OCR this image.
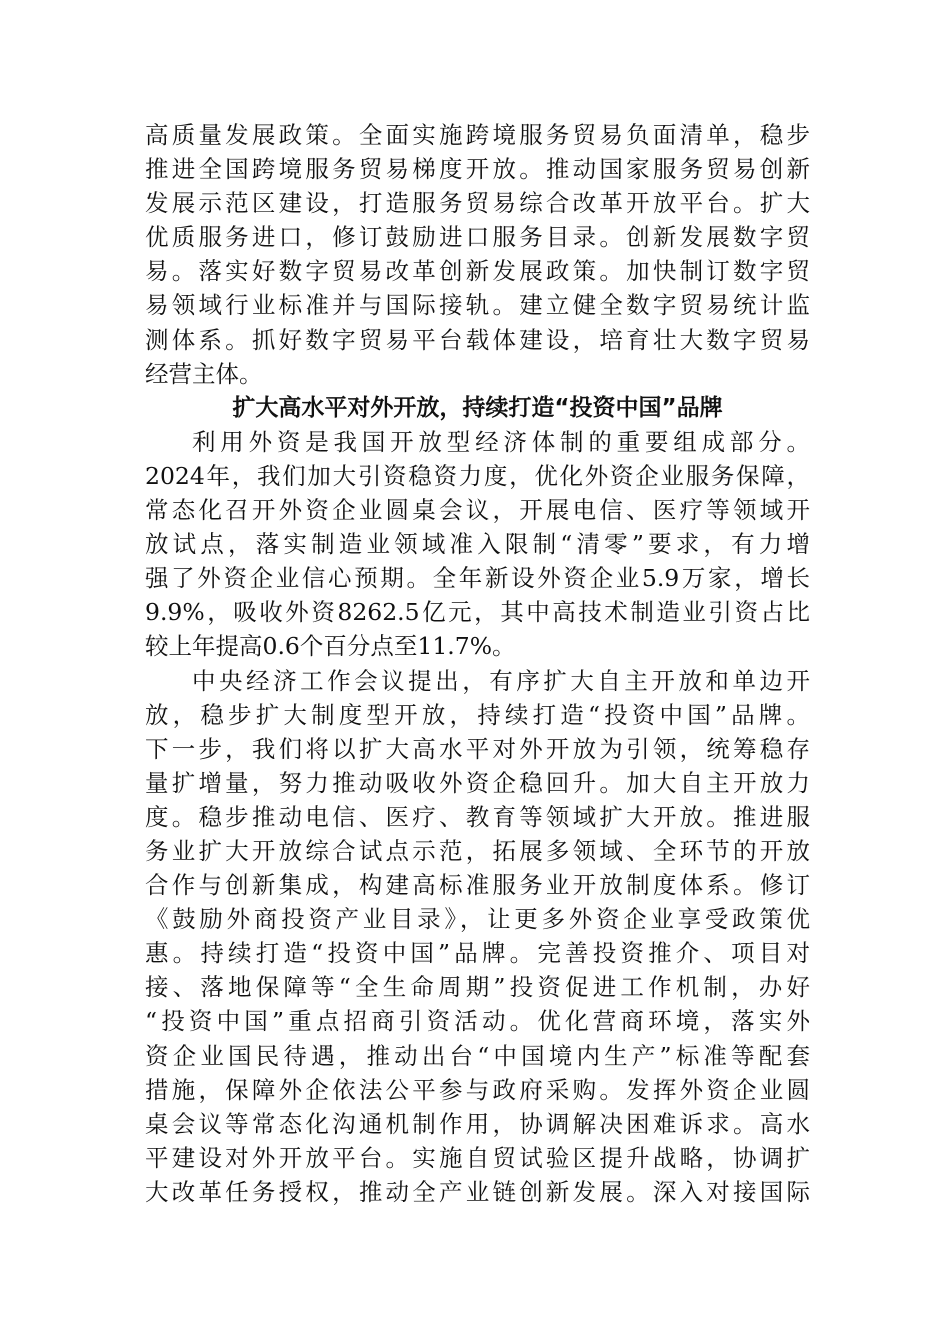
高质量发展政策。全面实施跨境服务贸易负面清单，稳步
推进全国跨境服务贸易梯度开放。推动国家服务贸易创新
发展示范区建设，打造服务贸易综合改革开放平台。扩大
优质服务进口，修订鼓励进口服务目录。创新发展数字贸
易。落实好数字贸易改革创新发展政策。加快制订数字贸
易领域行业标准并与国际接轨。建立健全数字贸易统计监
测体系。抓好数字贸易平台载体建设，培育壮大数字贸易
经营主体。
扩大高水平对外开放，持续打造“投资中国”品牌
利用外资是我国开放型经济体制的重要组成部分。
2024年，我们加大引资稳资力度，优化外资企业服务保障，
常态化召开外资企业圆桌会议，开展电信、医疗等领域开
放试点，落实制造业领域准入限制“清零”要求，有力增
强了外资企业信心预期。全年新设外资企业5.9万家，增长
9.9%，吸收外资8262.5亿元，其中高技术制造业引资占比
较上年提高0.6个百分点至11.7%。
中央经济工作会议提出，有序扩大自主开放和单边开
放，稳步扩大制度型开放，持续打造“投资中国”品牌。
下一步，我们将以扩大高水平对外开放为引领，统筹稳存
量扩增量，努力推动吸收外资企稳回升。加大自主开放力
度。稳步推动电信、医疗、教育等领域扩大开放。推进服
务业扩大开放综合试点示范，拓展多领域、全环节的开放
合作与创新集成，构建高标准服务业开放制度体系。修订
《鼓励外商投资产业目录》，让更多外资企业享受政策优
惠。持续打造“投资中国”品牌。完善投资推介、项目对
接、落地保障等“全生命周期”投资促进工作机制，办好
“投资中国”重点招商引资活动。优化营商环境，落实外
资企业国民待遇，推动出台“中国境内生产”标准等配套
措施，保障外企依法公平参与政府采购。发挥外资企业圆
桌会议等常态化沟通机制作用，协调解决困难诉求。高水
平建设对外开放平台。实施自贸试验区提升战略，协调扩
大改革任务授权，推动全产业链创新发展。深入对接国际
